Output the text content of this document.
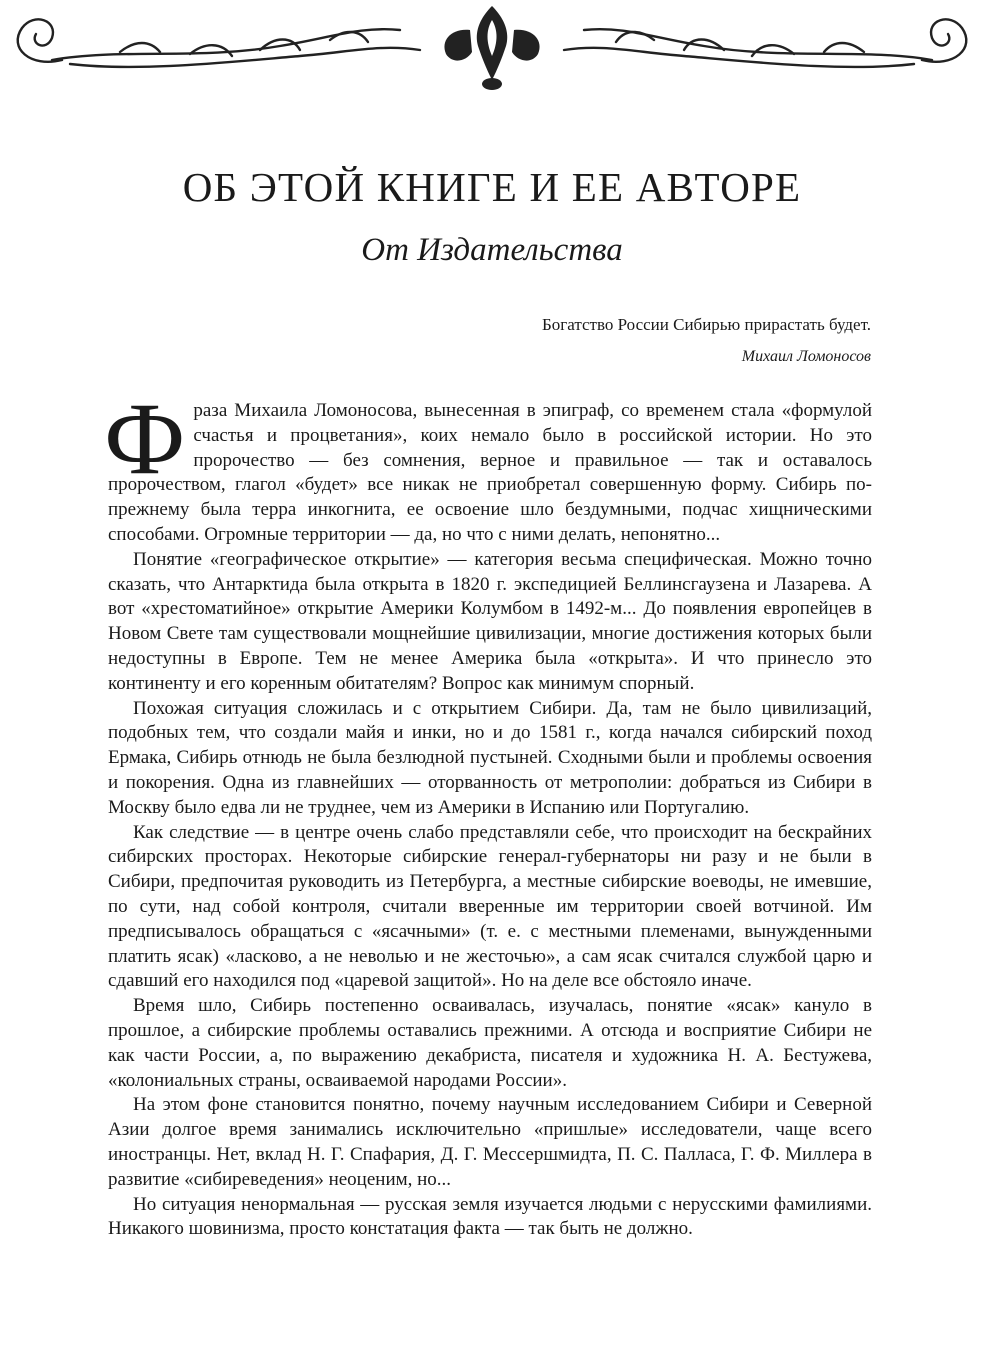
ОБ ЭТОЙ КНИГЕ И ЕЕ АВТОРЕ
От Издательства
Богатство России Сибирью прирастать будет.
Михаил Ломоносов

Фраза Михаила Ломоносова, вынесенная в эпиграф, со временем стала «формулой счастья и процветания», коих немало было в российской истории. Но это пророчество — без сомнения, верное и правильное — так и оставалось пророчеством, глагол «будет» все никак не приобретал совершенную форму. Сибирь по-прежнему была терра инкогнита, ее освоение шло бездумными, подчас хищническими способами. Огромные территории — да, но что с ними делать, непонятно...

Понятие «географическое открытие» — категория весьма специфическая. Можно точно сказать, что Антарктида была открыта в 1820 г. экспедицией Беллинсгаузена и Лазарева. А вот «хрестоматийное» открытие Америки Колумбом в 1492-м... До появления европейцев в Новом Свете там существовали мощнейшие цивилизации, многие достижения которых были недоступны в Европе. Тем не менее Америка была «открыта». И что принесло это континенту и его коренным обитателям? Вопрос как минимум спорный.

Похожая ситуация сложилась и с открытием Сибири. Да, там не было цивилизаций, подобных тем, что создали майя и инки, но и до 1581 г., когда начался сибирский поход Ермака, Сибирь отнюдь не была безлюдной пустыней. Сходными были и проблемы освоения и покорения. Одна из главнейших — оторванность от метрополии: добраться из Сибири в Москву было едва ли не труднее, чем из Америки в Испанию или Португалию.

Как следствие — в центре очень слабо представляли себе, что происходит на бескрайних сибирских просторах. Некоторые сибирские генерал-губернаторы ни разу и не были в Сибири, предпочитая руководить из Петербурга, а местные сибирские воеводы, не имевшие, по сути, над собой контроля, считали вверенные им территории своей вотчиной. Им предписывалось обращаться с «ясачными» (т. е. с местными племенами, вынужденными платить ясак) «ласково, а не неволью и не жесточью», а сам ясак считался службой царю и сдавший его находился под «царевой защитой». Но на деле все обстояло иначе.

Время шло, Сибирь постепенно осваивалась, изучалась, понятие «ясак» кануло в прошлое, а сибирские проблемы оставались прежними. А отсюда и восприятие Сибири не как части России, а, по выражению декабриста, писателя и художника Н. А. Бестужева, «колониальных страны, осваиваемой народами России».

На этом фоне становится понятно, почему научным исследованием Сибири и Северной Азии долгое время занимались исключительно «пришлые» исследователи, чаще всего иностранцы. Нет, вклад Н. Г. Спафария, Д. Г. Мессершмидта, П. С. Палласа, Г. Ф. Миллера в развитие «сибиреведения» неоценим, но...

Но ситуация ненормальная — русская земля изучается людьми с нерусскими фамилиями. Никакого шовинизма, просто констатация факта — так быть не должно.
